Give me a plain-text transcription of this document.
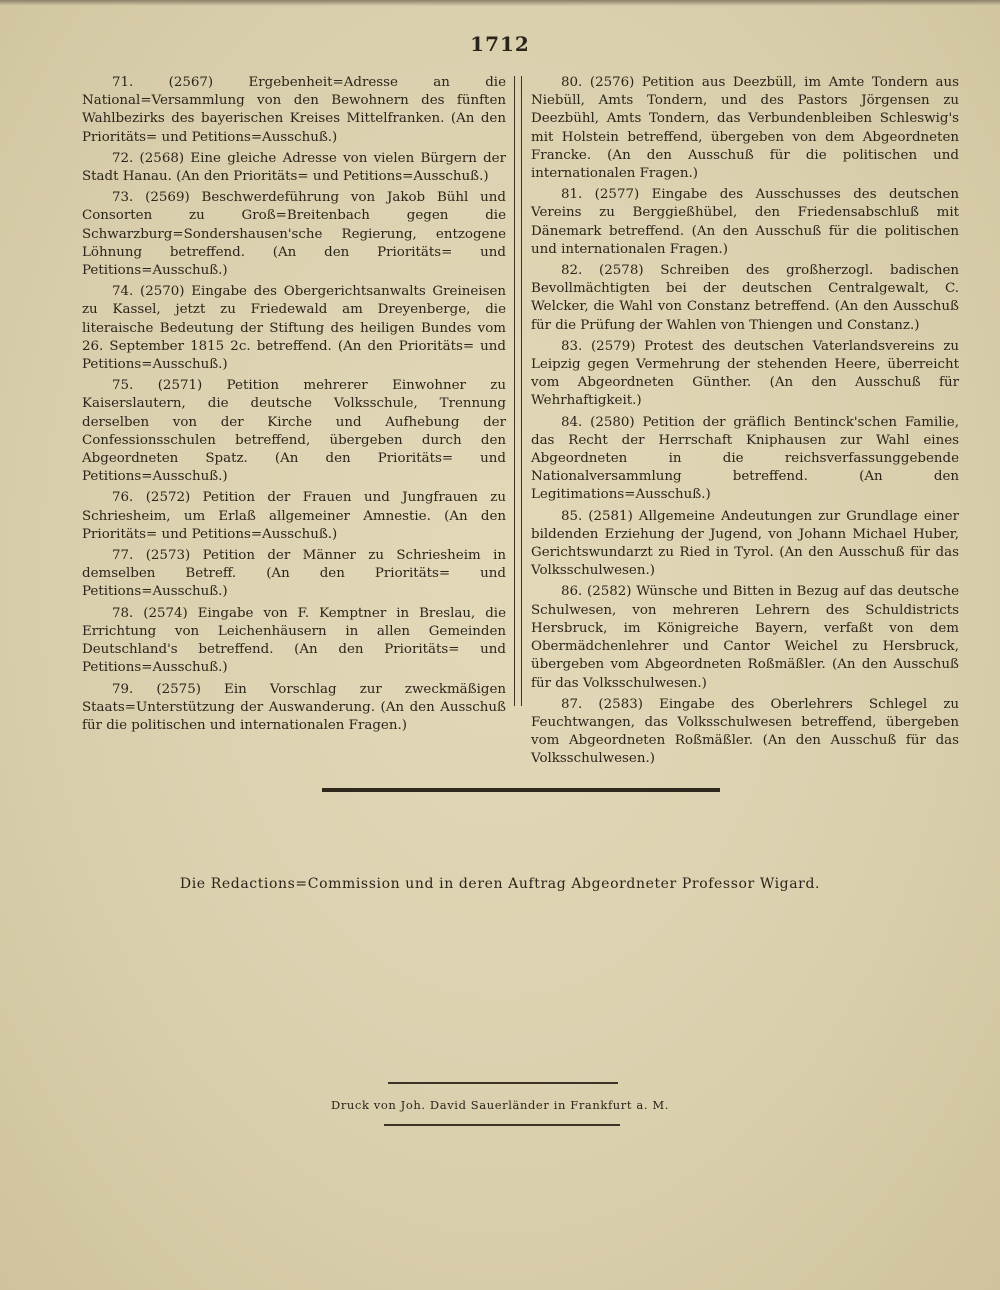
1712

71. (2567) Ergebenheit=Adresse an die National=Versammlung von den Bewohnern des fünften Wahlbezirks des bayerischen Kreises Mittelfranken. (An den Prioritäts= und Petitions=Ausschuß.)

72. (2568) Eine gleiche Adresse von vielen Bürgern der Stadt Hanau. (An den Prioritäts= und Petitions=Ausschuß.)

73. (2569) Beschwerdeführung von Jakob Bühl und Consorten zu Groß=Breitenbach gegen die Schwarzburg=Sondershausen'sche Regierung, entzogene Löhnung betreffend. (An den Prioritäts= und Petitions=Ausschuß.)

74. (2570) Eingabe des Obergerichtsanwalts Greineisen zu Kassel, jetzt zu Friedewald am Dreyenberge, die literaische Bedeutung der Stiftung des heiligen Bundes vom 26. September 1815 2c. betreffend. (An den Prioritäts= und Petitions=Ausschuß.)

75. (2571) Petition mehrerer Einwohner zu Kaiserslautern, die deutsche Volksschule, Trennung derselben von der Kirche und Aufhebung der Confessionsschulen betreffend, übergeben durch den Abgeordneten Spatz. (An den Prioritäts= und Petitions=Ausschuß.)

76. (2572) Petition der Frauen und Jungfrauen zu Schriesheim, um Erlaß allgemeiner Amnestie. (An den Prioritäts= und Petitions=Ausschuß.)

77. (2573) Petition der Männer zu Schriesheim in demselben Betreff. (An den Prioritäts= und Petitions=Ausschuß.)

78. (2574) Eingabe von F. Kemptner in Breslau, die Errichtung von Leichenhäusern in allen Gemeinden Deutschland's betreffend. (An den Prioritäts= und Petitions=Ausschuß.)

79. (2575) Ein Vorschlag zur zweckmäßigen Staats=Unterstützung der Auswanderung. (An den Ausschuß für die politischen und internationalen Fragen.)

80. (2576) Petition aus Deezbüll, im Amte Tondern aus Niebüll, Amts Tondern, und des Pastors Jörgensen zu Deezbühl, Amts Tondern, das Verbundenbleiben Schleswig's mit Holstein betreffend, übergeben von dem Abgeordneten Francke. (An den Ausschuß für die politischen und internationalen Fragen.)

81. (2577) Eingabe des Ausschusses des deutschen Vereins zu Berggießhübel, den Friedensabschluß mit Dänemark betreffend. (An den Ausschuß für die politischen und internationalen Fragen.)

82. (2578) Schreiben des großherzogl. badischen Bevollmächtigten bei der deutschen Centralgewalt, C. Welcker, die Wahl von Constanz betreffend. (An den Ausschuß für die Prüfung der Wahlen von Thiengen und Constanz.)

83. (2579) Protest des deutschen Vaterlandsvereins zu Leipzig gegen Vermehrung der stehenden Heere, überreicht vom Abgeordneten Günther. (An den Ausschuß für Wehrhaftigkeit.)

84. (2580) Petition der gräflich Bentinck'schen Familie, das Recht der Herrschaft Kniphausen zur Wahl eines Abgeordneten in die reichsverfassunggebende Nationalversammlung betreffend. (An den Legitimations=Ausschuß.)

85. (2581) Allgemeine Andeutungen zur Grundlage einer bildenden Erziehung der Jugend, von Johann Michael Huber, Gerichtswundarzt zu Ried in Tyrol. (An den Ausschuß für das Volksschulwesen.)

86. (2582) Wünsche und Bitten in Bezug auf das deutsche Schulwesen, von mehreren Lehrern des Schuldistricts Hersbruck, im Königreiche Bayern, verfaßt von dem Obermädchenlehrer und Cantor Weichel zu Hersbruck, übergeben vom Abgeordneten Roßmäßler. (An den Ausschuß für das Volksschulwesen.)

87. (2583) Eingabe des Oberlehrers Schlegel zu Feuchtwangen, das Volksschulwesen betreffend, übergeben vom Abgeordneten Roßmäßler. (An den Ausschuß für das Volksschulwesen.)

Die Redactions=Commission und in deren Auftrag Abgeordneter Professor Wigard.
Druck von Joh. David Sauerländer in Frankfurt a. M.
